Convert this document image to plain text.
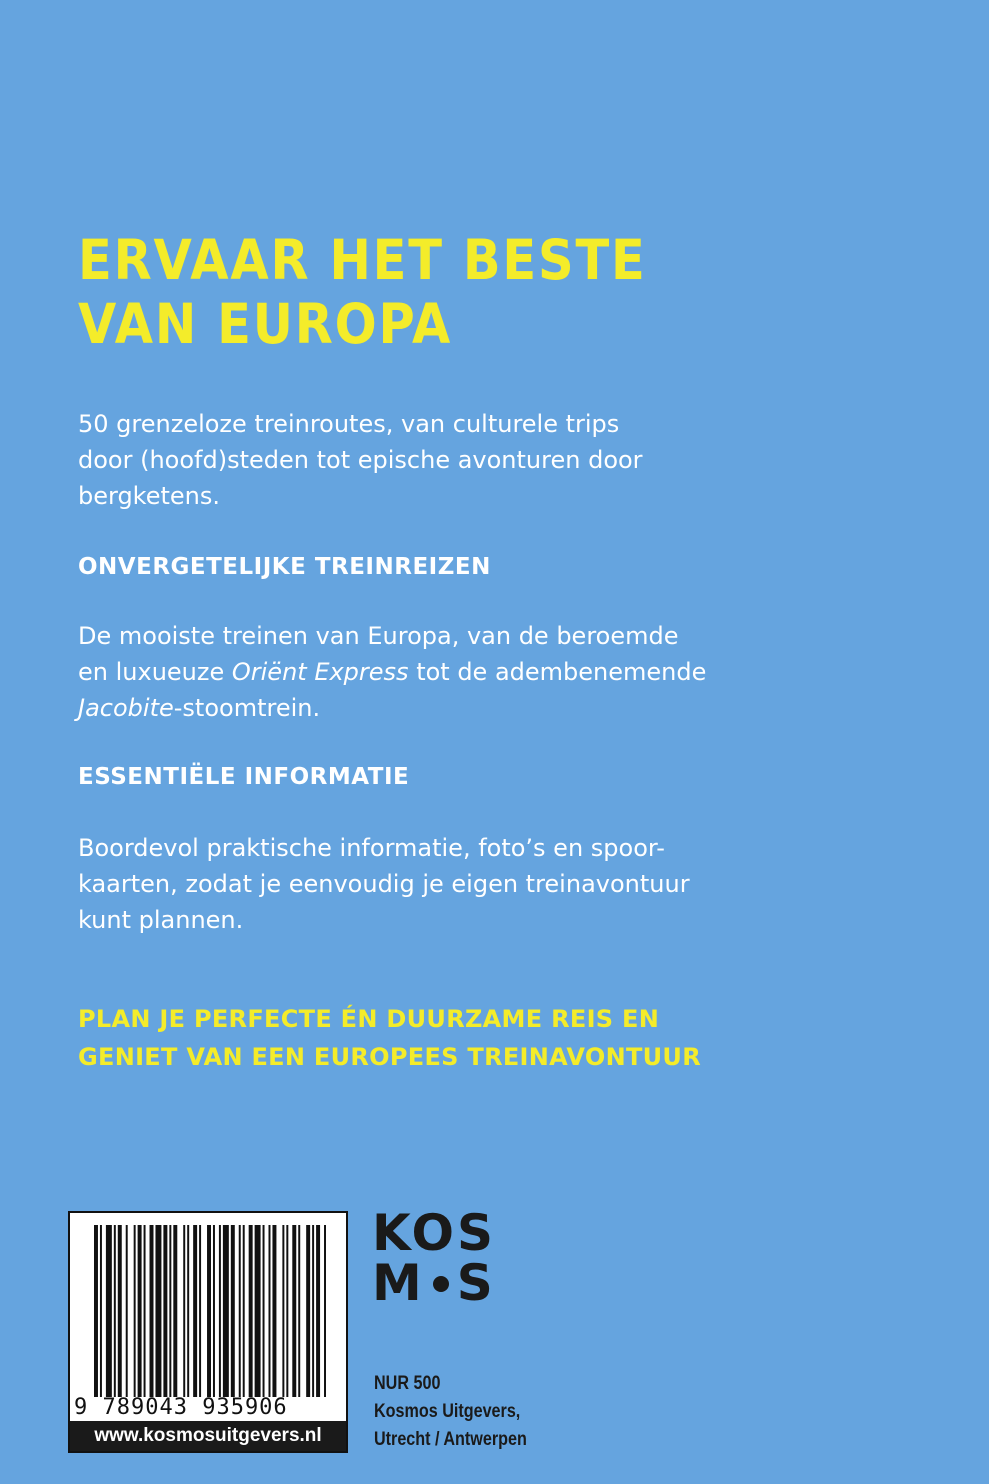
ERVAAR HET BESTE
VAN EUROPA

50 grenzeloze treinroutes, van culturele trips
door (hoofd)steden tot epische avonturen door
bergketens.

ONVERGETELIJKE TREINREIZEN

De mooiste treinen van Europa, van de beroemde
en luxueuze Oriënt Express tot de adembenemende
Jacobite-stoomtrein.

ESSENTIËLE INFORMATIE

Boordevol praktische informatie, foto’s en spoor-
kaarten, zodat je eenvoudig je eigen treinavontuur
kunt plannen.

PLAN JE PERFECTE ÉN DUURZAME REIS EN
GENIET VAN EEN EUROPEES TREINAVONTUUR

9 789043 935906
www.kosmosuitgevers.nl
KOS
M S

NUR 500
Kosmos Uitgevers,
Utrecht / Antwerpen
